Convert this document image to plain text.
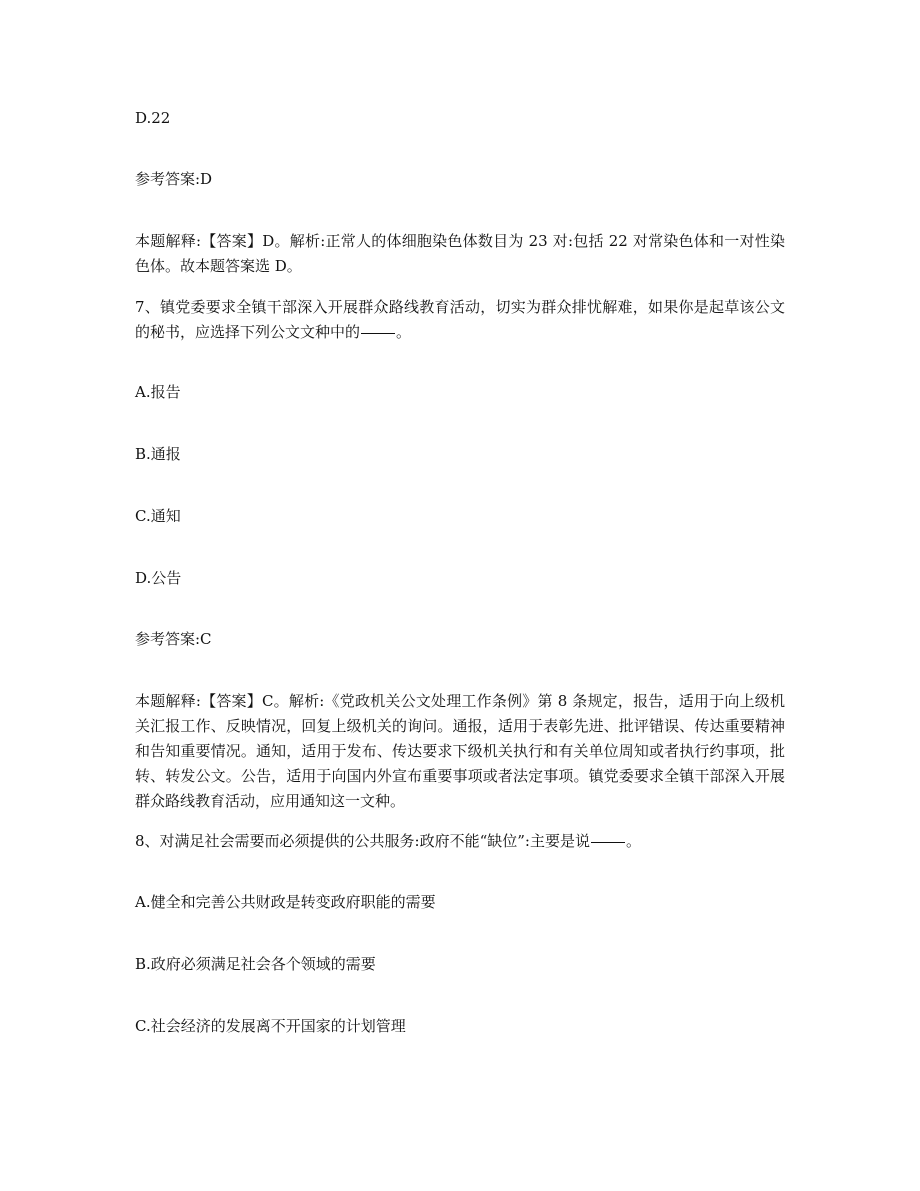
D.22
参考答案:D
本题解释:【答案】D。解析:正常人的体细胞染色体数目为 23 对:包括 22 对常染色体和一对性染色体。故本题答案选 D。
7、镇党委要求全镇干部深入开展群众路线教育活动，切实为群众排忧解难，如果你是起草该公文的秘书，应选择下列公文文种中的 。
A.报告
B.通报
C.通知
D.公告
参考答案:C
本题解释:【答案】C。解析:《党政机关公文处理工作条例》第 8 条规定，报告，适用于向上级机关汇报工作、反映情况，回复上级机关的询问。通报，适用于表彰先进、批评错误、传达重要精神和告知重要情况。通知，适用于发布、传达要求下级机关执行和有关单位周知或者执行约事项，批转、转发公文。公告，适用于向国内外宣布重要事项或者法定事项。镇党委要求全镇干部深入开展群众路线教育活动，应用通知这一文种。
8、对满足社会需要而必须提供的公共服务:政府不能“缺位”:主要是说 。
A.健全和完善公共财政是转变政府职能的需要
B.政府必须满足社会各个领域的需要
C.社会经济的发展离不开国家的计划管理
